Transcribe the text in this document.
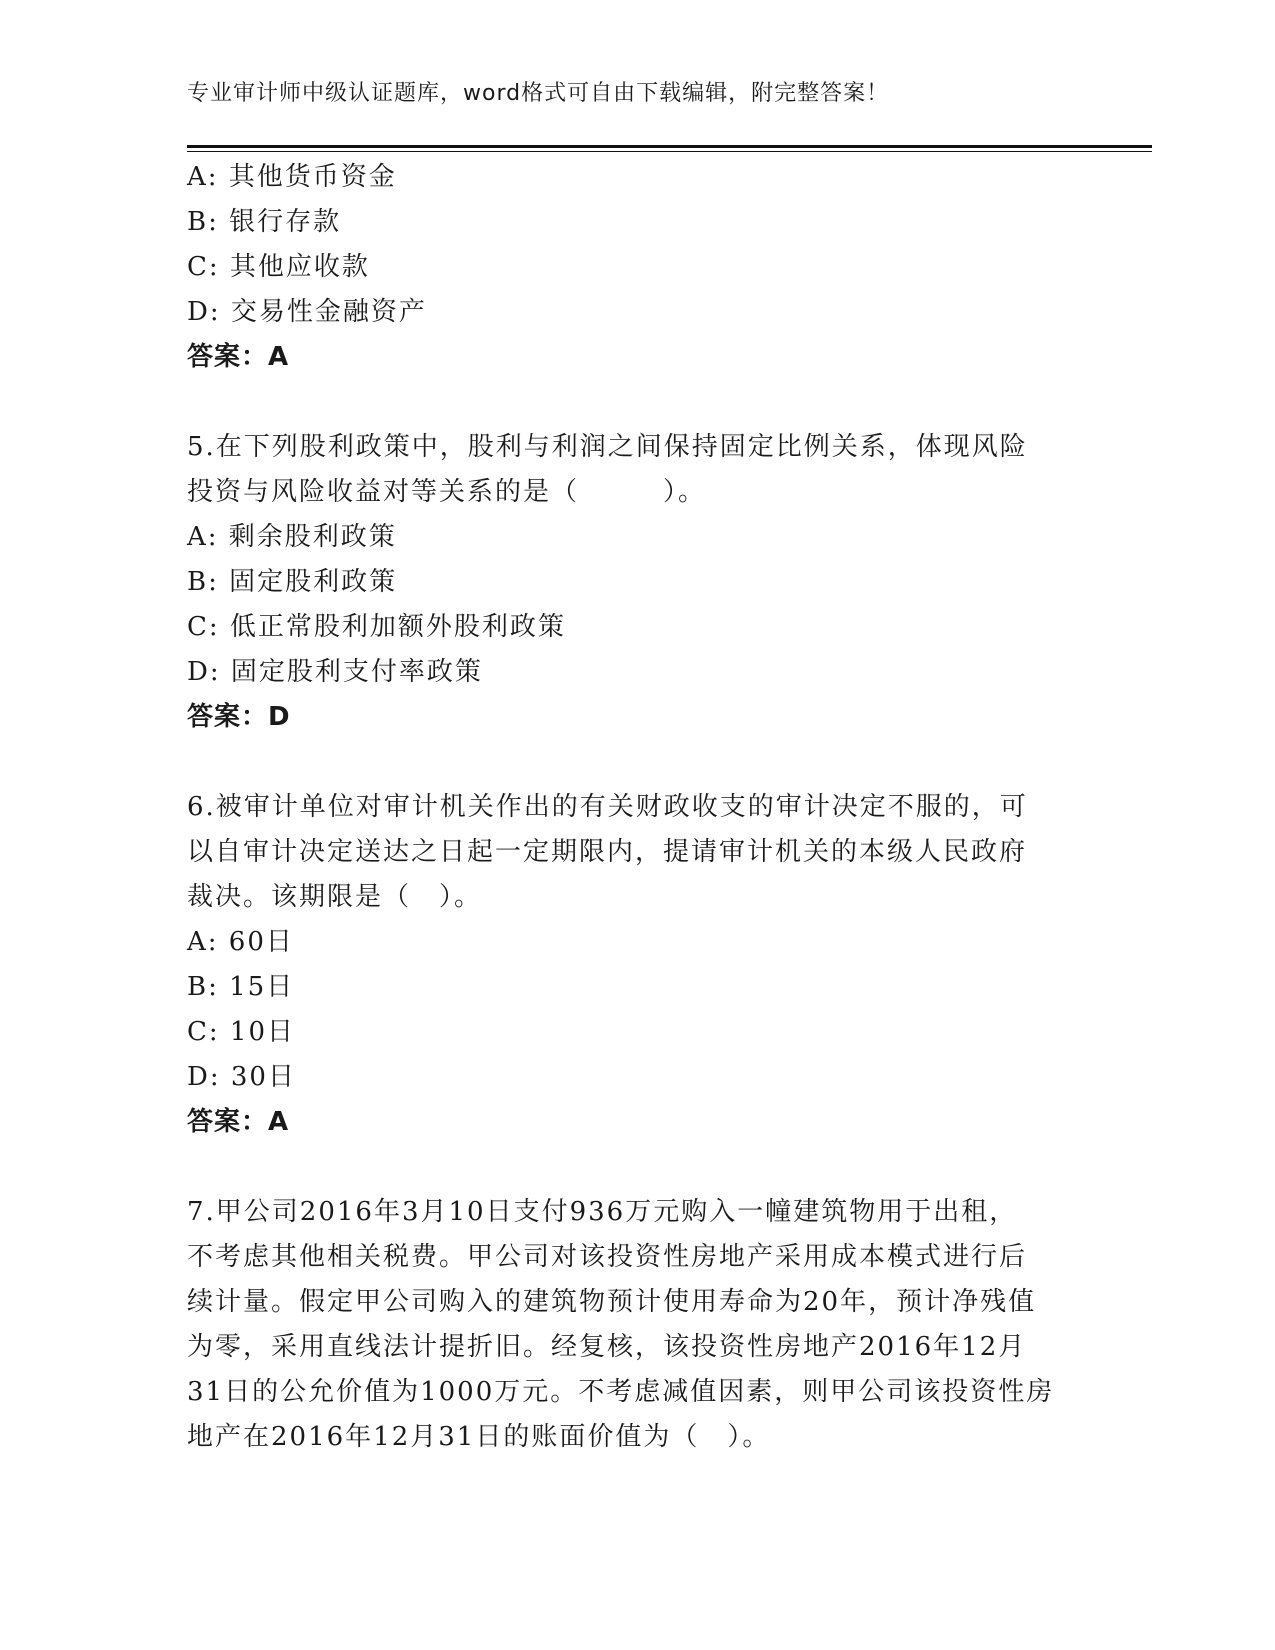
专业审计师中级认证题库，word格式可自由下载编辑，附完整答案！
A: 其他货币资金
B: 银行存款
C: 其他应收款
D: 交易性金融资产
答案：A
5.在下列股利政策中，股利与利润之间保持固定比例关系，体现风险
投资与风险收益对等关系的是（　　　）。
A: 剩余股利政策
B: 固定股利政策
C: 低正常股利加额外股利政策
D: 固定股利支付率政策
答案：D
6.被审计单位对审计机关作出的有关财政收支的审计决定不服的，可
以自审计决定送达之日起一定期限内，提请审计机关的本级人民政府
裁决。该期限是（　）。
A: 60日
B: 15日
C: 10日
D: 30日
答案：A
7.甲公司2016年3月10日支付936万元购入一幢建筑物用于出租，
不考虑其他相关税费。甲公司对该投资性房地产采用成本模式进行后
续计量。假定甲公司购入的建筑物预计使用寿命为20年，预计净残值
为零，采用直线法计提折旧。经复核，该投资性房地产2016年12月
31日的公允价值为1000万元。不考虑减值因素，则甲公司该投资性房
地产在2016年12月31日的账面价值为（　）。
